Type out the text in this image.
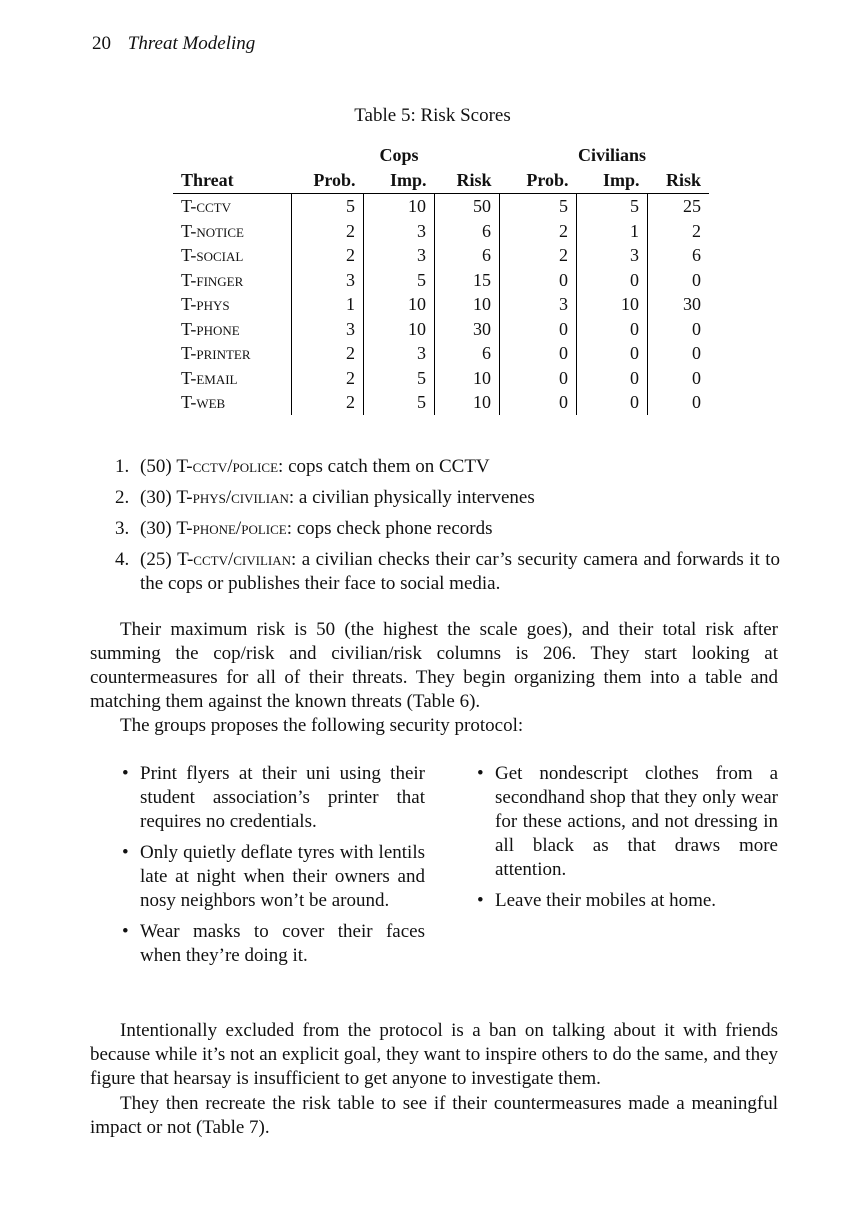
20 Threat Modeling
Table 5: Risk Scores
		Cops			Civilians	
Threat	Prob.	Imp.	Risk	Prob.	Imp.	Risk
T-cctv	5	10	50	5	5	25
T-notice	2	3	6	2	1	2
T-social	2	3	6	2	3	6
T-finger	3	5	15	0	0	0
T-phys	1	10	10	3	10	30
T-phone	3	10	30	0	0	0
T-printer	2	3	6	0	0	0
T-email	2	5	10	0	0	0
T-web	2	5	10	0	0	0
1. (50) T-cctv/police: cops catch them on CCTV
2. (30) T-phys/civilian: a civilian physically intervenes
3. (30) T-phone/police: cops check phone records
4. (25) T-cctv/civilian: a civilian checks their car’s security camera and forwards it to the cops or publishes their face to social media.

Their maximum risk is 50 (the highest the scale goes), and their total risk after summing the cop/risk and civilian/risk columns is 206. They start looking at countermeasures for all of their threats. They begin organizing them into a table and matching them against the known threats (Table 6).

The groups proposes the following security protocol:

• Print flyers at their uni using their student association’s printer that requires no credentials.
• Only quietly deflate tyres with lentils late at night when their owners and nosy neighbors won’t be around.
• Wear masks to cover their faces when they’re doing it.
• Get nondescript clothes from a secondhand shop that they only wear for these actions, and not dressing in all black as that draws more attention.
• Leave their mobiles at home.

Intentionally excluded from the protocol is a ban on talking about it with friends because while it’s not an explicit goal, they want to inspire others to do the same, and they figure that hearsay is insufficient to get anyone to investigate them.

They then recreate the risk table to see if their countermeasures made a meaningful impact or not (Table 7).
